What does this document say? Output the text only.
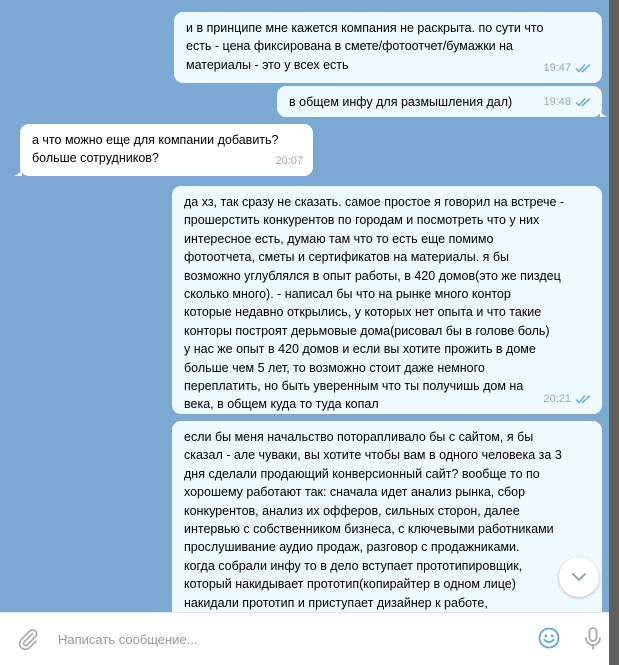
и в принципе мне кажется компания не раскрыта. по сути что
есть - цена фиксирована в смете/фотоотчет/бумажки на
материалы - это у всех есть	19:47
в общем инфу для размышления дал)	19:48
а что можно еще для компании добавить?
больше сотрудников?	20:07
да хз, так сразу не сказать. самое простое я говорил на встрече -
прошерстить конкурентов по городам и посмотреть что у них
интересное есть, думаю там что то есть еще помимо
фотоотчета, сметы и сертификатов на материалы. я бы
возможно углублялся в опыт работы, в 420 домов(это же пиздец
сколько много). - написал бы что на рынке много контор
которые недавно открылись, у которых нет опыта и что такие
конторы построят дерьмовые дома(рисовал бы в голове боль)
у нас же опыт в 420 домов и если вы хотите прожить в доме
больше чем 5 лет, то возможно стоит даже немного
переплатить, но быть уверенным что ты получишь дом на
века, в общем куда то туда копал	20:21
если бы меня начальство поторапливало бы с сайтом, я бы
сказал - але чуваки, вы хотите чтобы вам в одного человека за 3
дня сделали продающий конверсионный сайт? вообще то по
хорошему работают так: сначала идет анализ рынка, сбор
конкурентов, анализ их офферов, сильных сторон, далее
интервью с собственником бизнеса, с ключевыми работниками
прослушивание аудио продаж, разговор с продажниками.
когда собрали инфу то в дело вступает прототипировщик,
который накидывает прототип(копирайтер в одном лице)
накидали прототип и приступает дизайнер к работе,

Написать сообщение...
